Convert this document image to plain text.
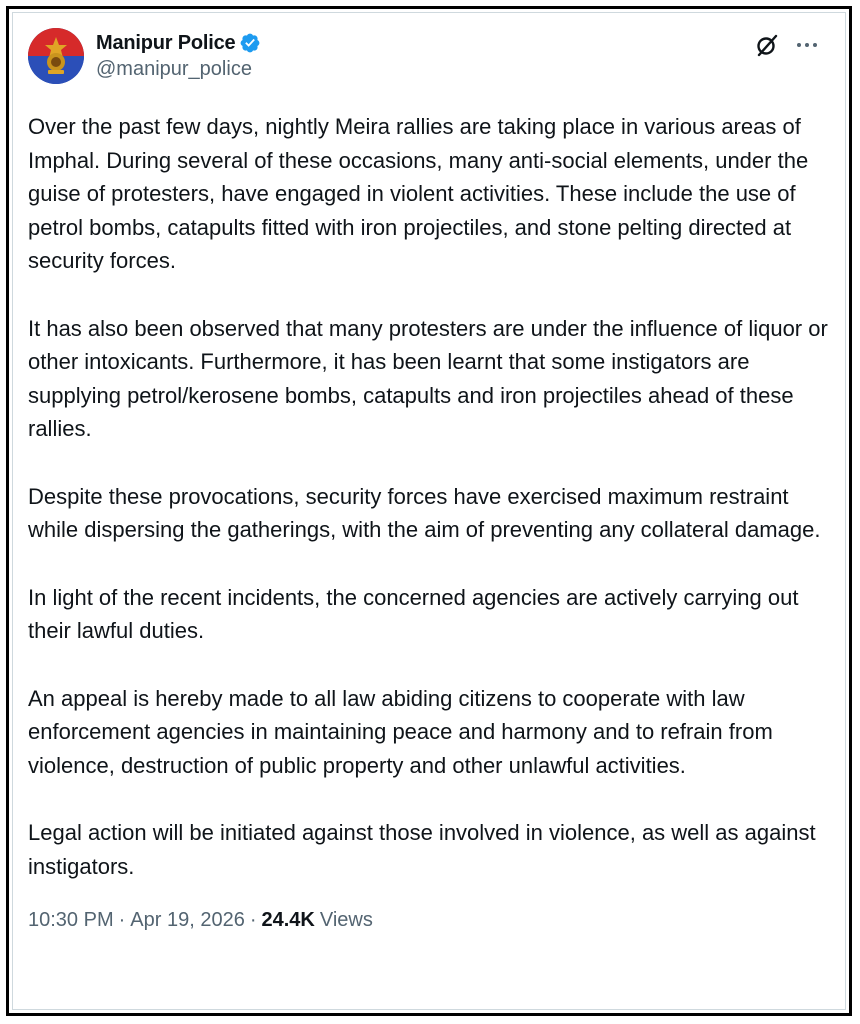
Manipur Police
@manipur_police

Over the past few days, nightly Meira rallies are taking place in various areas of Imphal. During several of these occasions, many anti-social elements, under the guise of protesters, have engaged in violent activities. These include the use of petrol bombs, catapults fitted with iron projectiles, and stone pelting directed at security forces.

It has also been observed that many protesters are under the influence of liquor or other intoxicants. Furthermore, it has been learnt that some instigators are supplying petrol/kerosene bombs, catapults and iron projectiles ahead of these rallies.

Despite these provocations, security forces have exercised maximum restraint while dispersing the gatherings, with the aim of preventing any collateral damage.

In light of the recent incidents, the concerned agencies are actively carrying out their lawful duties.

An appeal is hereby made to all law abiding citizens to cooperate with law enforcement agencies in maintaining peace and harmony and to refrain from violence, destruction of public property and other unlawful activities.

Legal action will be initiated against those involved in violence, as well as against instigators.

10:30 PM · Apr 19, 2026 · 24.4K Views
